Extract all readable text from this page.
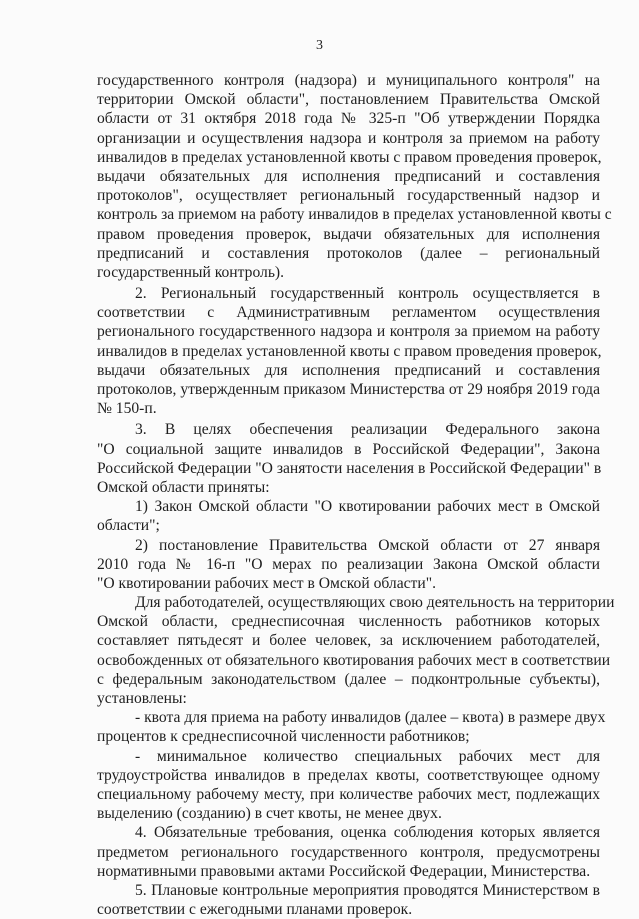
3
государственного контроля (надзора) и муниципального контроля" на
территории Омской области", постановлением Правительства Омской
области от 31 октября 2018 года № 325-п "Об утверждении Порядка
организации и осуществления надзора и контроля за приемом на работу
инвалидов в пределах установленной квоты с правом проведения проверок,
выдачи обязательных для исполнения предписаний и составления
протоколов", осуществляет региональный государственный надзор и
контроль за приемом на работу инвалидов в пределах установленной квоты с
правом проведения проверок, выдачи обязательных для исполнения
предписаний и составления протоколов (далее – региональный
государственный контроль).
2. Региональный государственный контроль осуществляется в
соответствии с Административным регламентом осуществления
регионального государственного надзора и контроля за приемом на работу
инвалидов в пределах установленной квоты с правом проведения проверок,
выдачи обязательных для исполнения предписаний и составления
протоколов, утвержденным приказом Министерства от 29 ноября 2019 года
№ 150-п.
3. В целях обеспечения реализации Федерального закона
"О социальной защите инвалидов в Российской Федерации", Закона
Российской Федерации "О занятости населения в Российской Федерации" в
Омской области приняты:
1) Закон Омской области "О квотировании рабочих мест в Омской
области";
2) постановление Правительства Омской области от 27 января
2010 года № 16-п "О мерах по реализации Закона Омской области
"О квотировании рабочих мест в Омской области".
Для работодателей, осуществляющих свою деятельность на территории
Омской области, среднесписочная численность работников которых
составляет пятьдесят и более человек, за исключением работодателей,
освобожденных от обязательного квотирования рабочих мест в соответствии
с федеральным законодательством (далее – подконтрольные субъекты),
установлены:
- квота для приема на работу инвалидов (далее – квота) в размере двух
процентов к среднесписочной численности работников;
- минимальное количество специальных рабочих мест для
трудоустройства инвалидов в пределах квоты, соответствующее одному
специальному рабочему месту, при количестве рабочих мест, подлежащих
выделению (созданию) в счет квоты, не менее двух.
4. Обязательные требования, оценка соблюдения которых является
предметом регионального государственного контроля, предусмотрены
нормативными правовыми актами Российской Федерации, Министерства.
5. Плановые контрольные мероприятия проводятся Министерством в
соответствии с ежегодными планами проверок.
